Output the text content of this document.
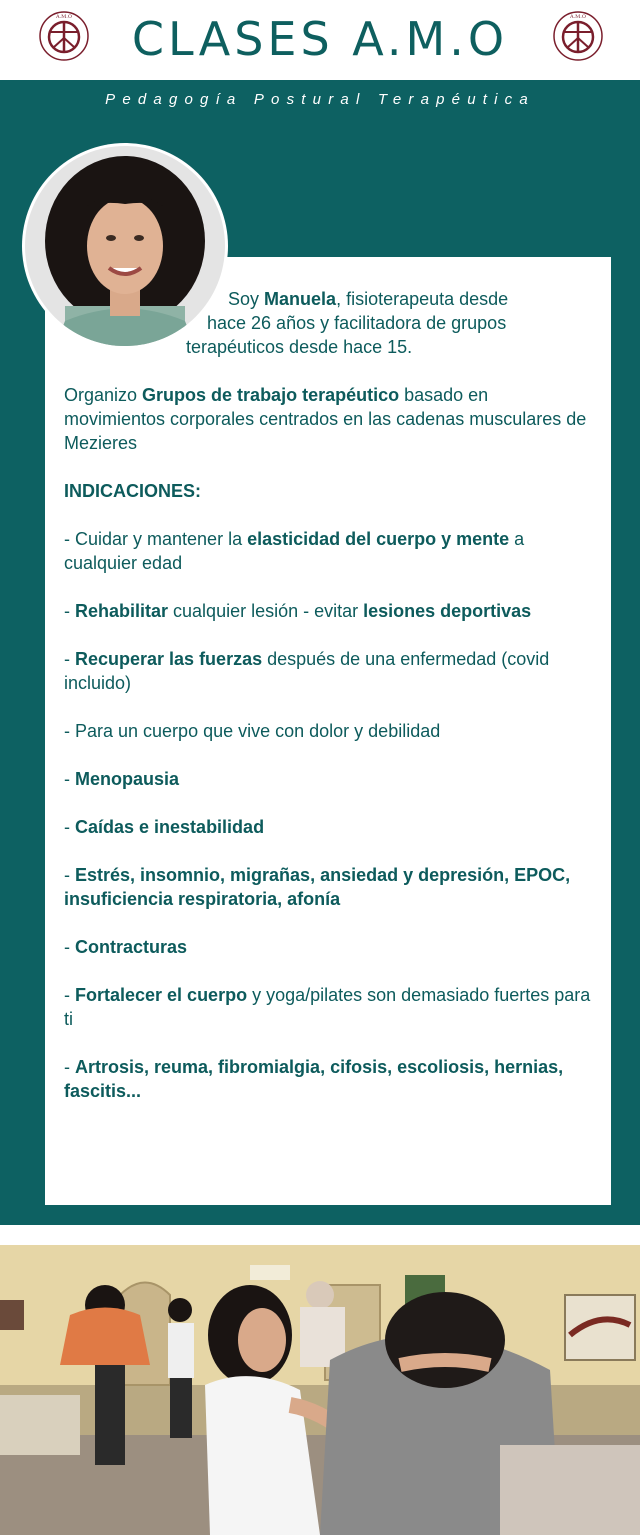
A.M.O	CLASES A.M.O	A.M.O
Pedagogía Postural Terapéutica

Soy Manuela, fisioterapeuta desde
hace 26 años y facilitadora de grupos
terapéuticos desde hace 15.

Organizo Grupos de trabajo terapéutico basado en movimientos corporales centrados en las cadenas musculares de Mezieres

INDICACIONES:

- Cuidar y mantener la elasticidad del cuerpo y mente a cualquier edad

- Rehabilitar cualquier lesión - evitar lesiones deportivas

- Recuperar las fuerzas después de una enfermedad (covid incluido)

- Para un cuerpo que vive con dolor y debilidad

- Menopausia

- Caídas e inestabilidad

- Estrés, insomnio, migrañas, ansiedad y depresión, EPOC, insuficiencia respiratoria, afonía

- Contracturas

- Fortalecer el cuerpo y yoga/pilates son demasiado fuertes para ti

- Artrosis, reuma, fibromialgia, cifosis, escoliosis, hernias, fascitis...
